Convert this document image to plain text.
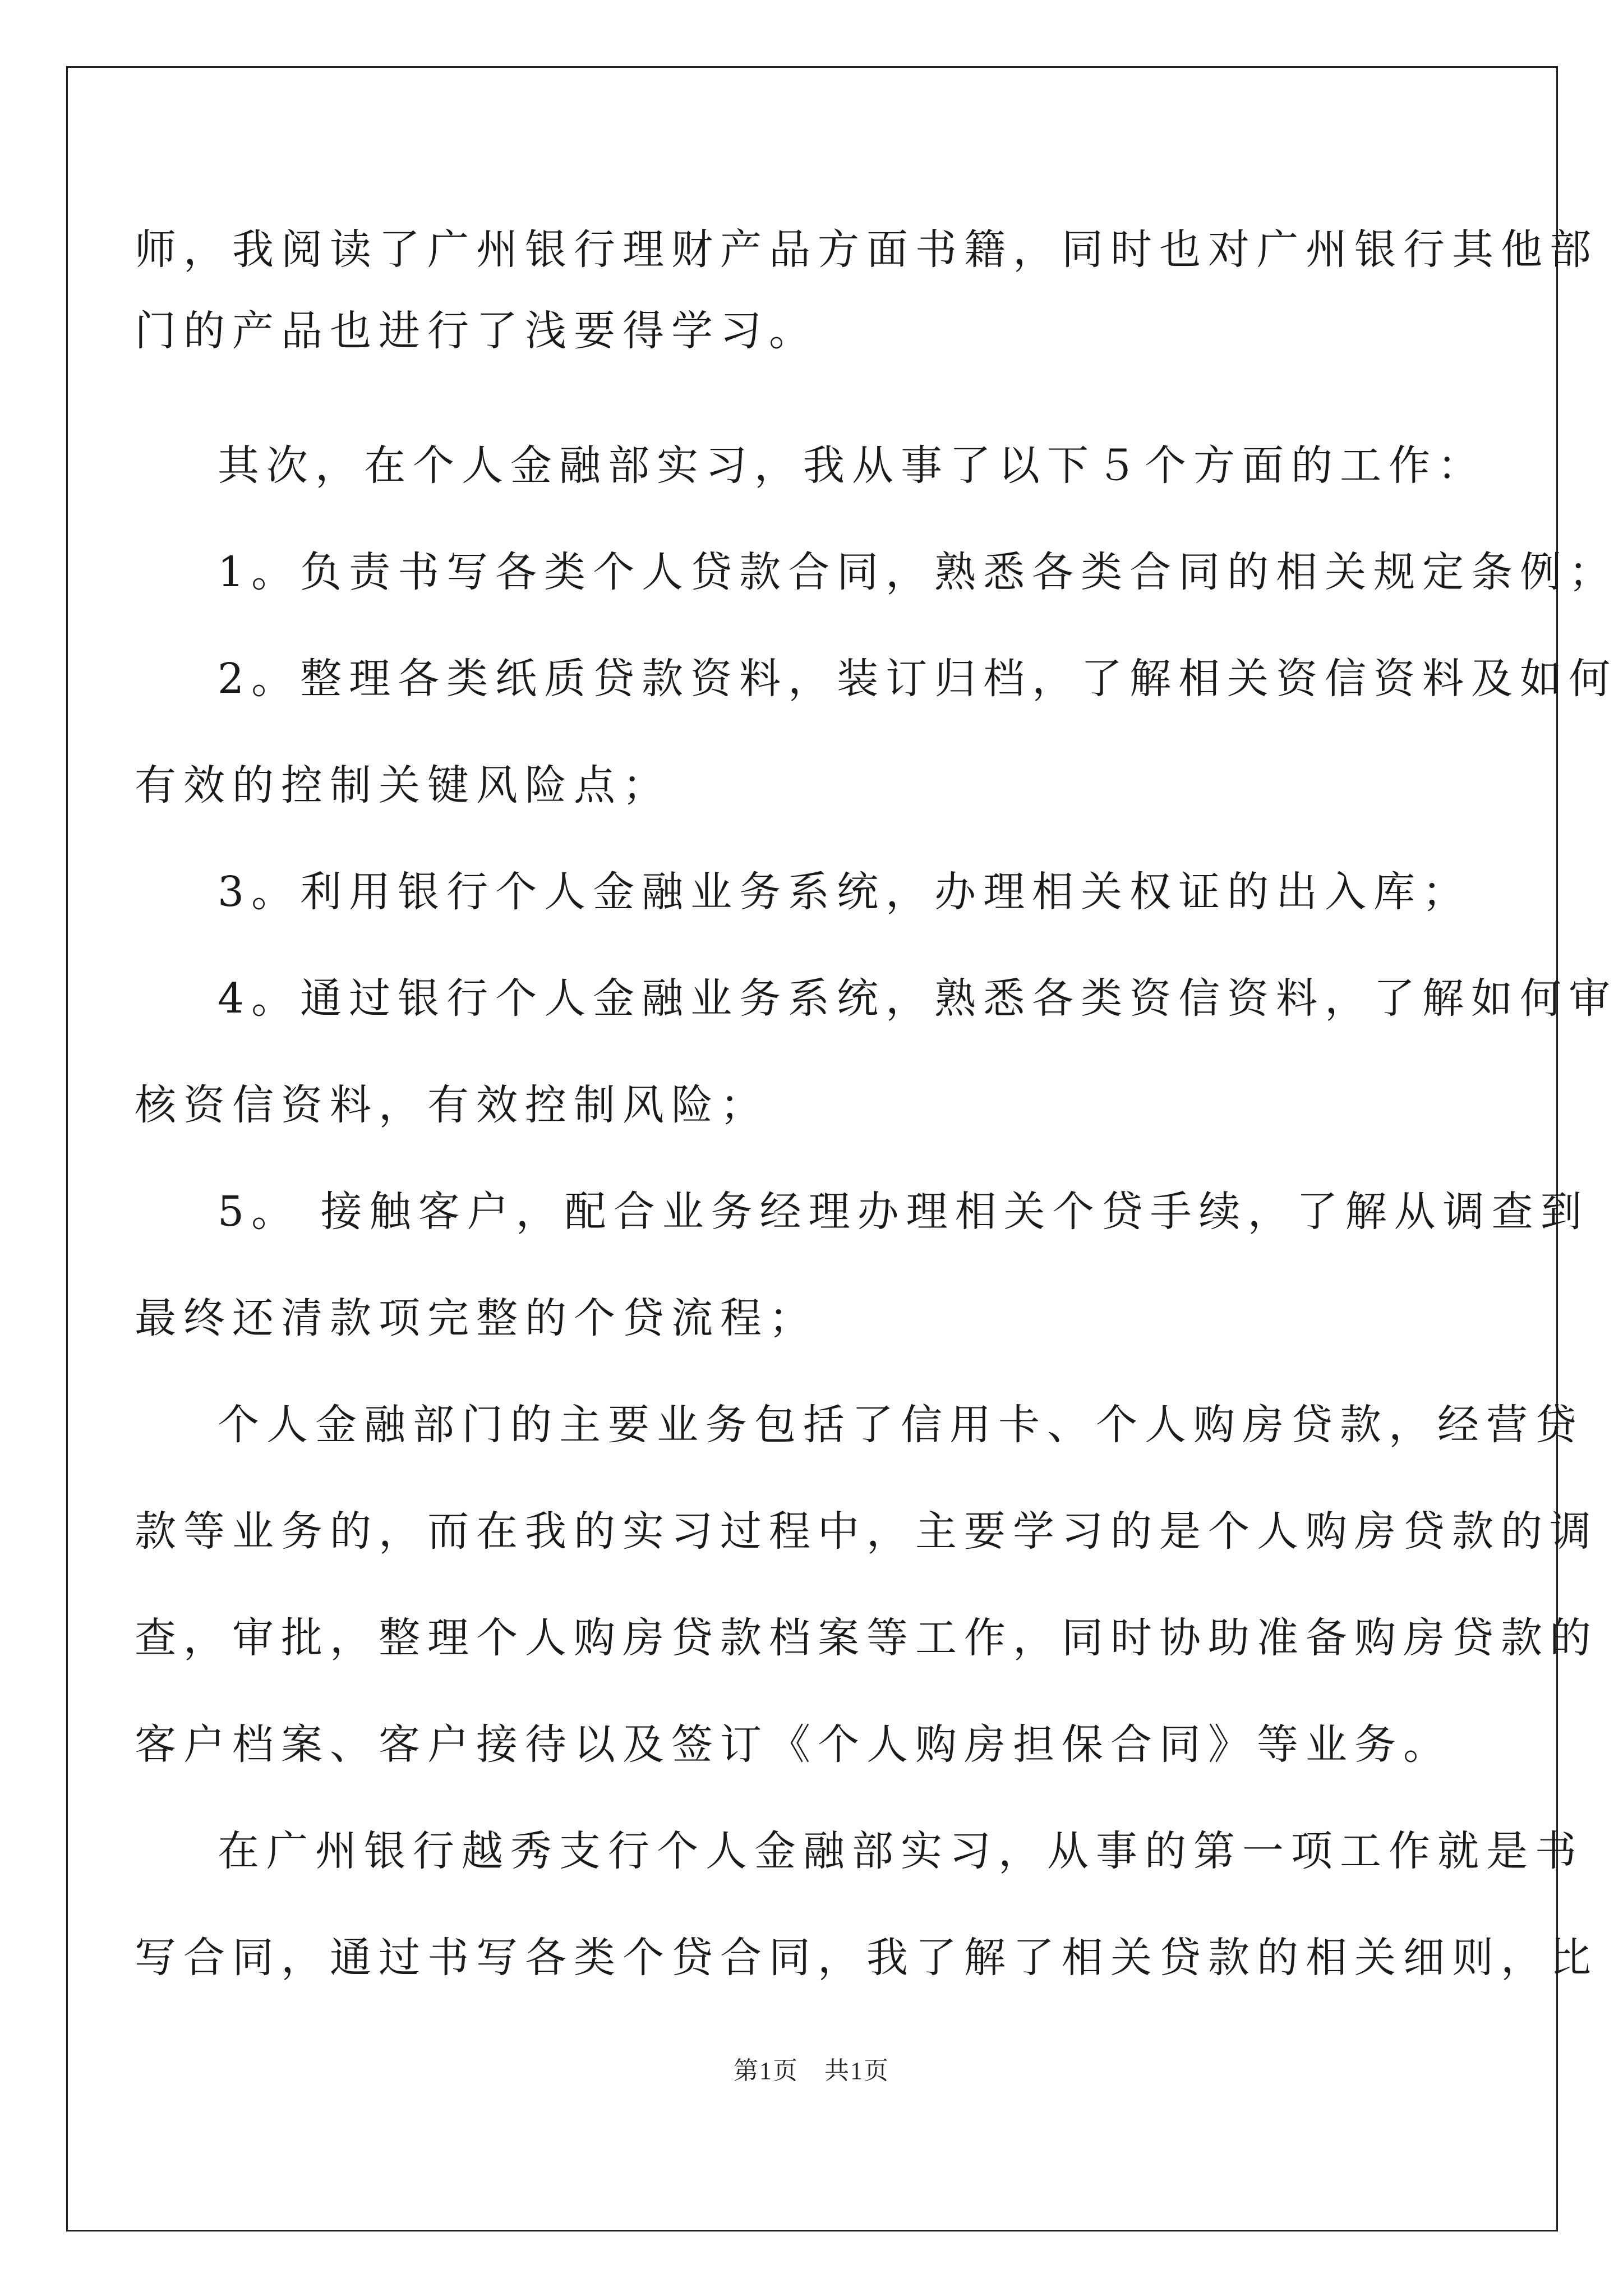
师，我阅读了广州银行理财产品方面书籍，同时也对广州银行其他部
门的产品也进行了浅要得学习。
其次，在个人金融部实习，我从事了以下５个方面的工作：
1。负责书写各类个人贷款合同，熟悉各类合同的相关规定条例；
2。整理各类纸质贷款资料，装订归档，了解相关资信资料及如何
有效的控制关键风险点；
3。利用银行个人金融业务系统，办理相关权证的出入库；
4。通过银行个人金融业务系统，熟悉各类资信资料，了解如何审
核资信资料，有效控制风险；
5。 接触客户，配合业务经理办理相关个贷手续，了解从调查到
最终还清款项完整的个贷流程；
个人金融部门的主要业务包括了信用卡、个人购房贷款，经营贷
款等业务的，而在我的实习过程中，主要学习的是个人购房贷款的调
查，审批，整理个人购房贷款档案等工作，同时协助准备购房贷款的
客户档案、客户接待以及签订《个人购房担保合同》等业务。
在广州银行越秀支行个人金融部实习，从事的第一项工作就是书
写合同，通过书写各类个贷合同，我了解了相关贷款的相关细则，比
第1页　共1页
